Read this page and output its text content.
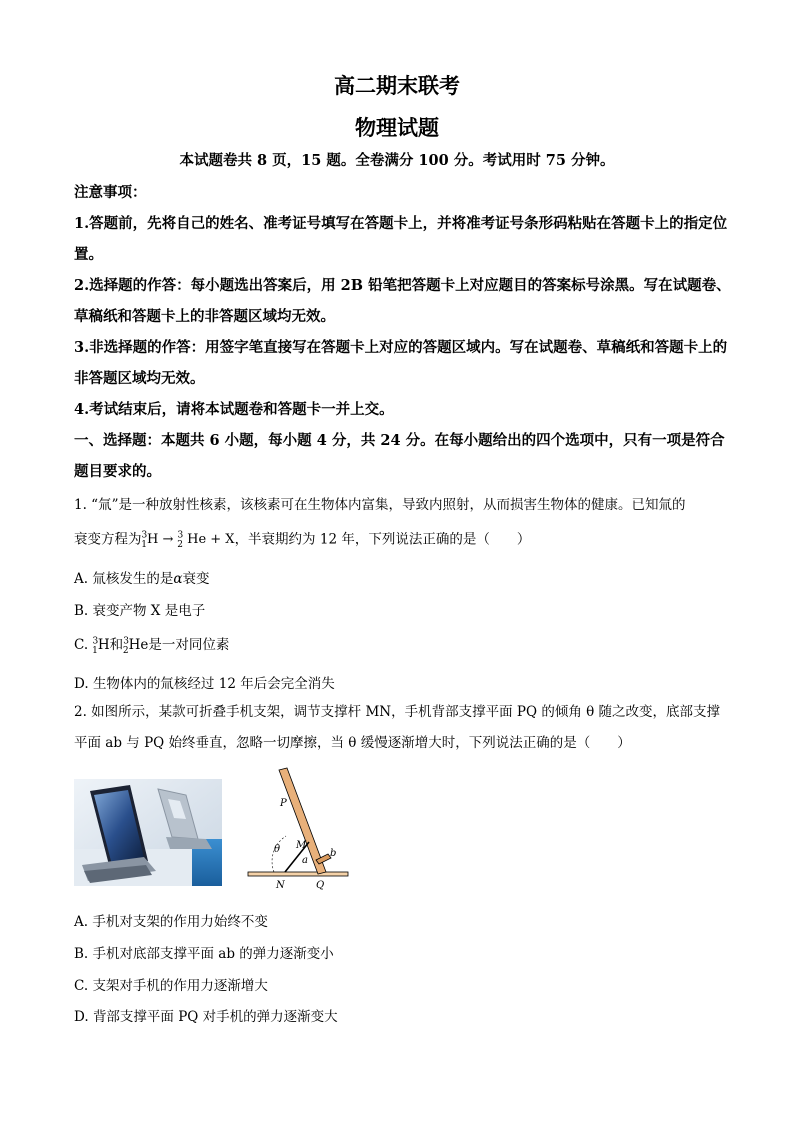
高二期末联考
物理试题
本试题卷共 8 页，15 题。全卷满分 100 分。考试用时 75 分钟。

注意事项：

1.答题前，先将自己的姓名、准考证号填写在答题卡上，并将准考证号条形码粘贴在答题卡上的指定位置。

2.选择题的作答：每小题选出答案后，用 2B 铅笔把答题卡上对应题目的答案标号涂黑。写在试题卷、草稿纸和答题卡上的非答题区域均无效。

3.非选择题的作答：用签字笔直接写在答题卡上对应的答题区域内。写在试题卷、草稿纸和答题卡上的非答题区域均无效。

4.考试结束后，请将本试题卷和答题卡一并上交。

一、选择题：本题共 6 小题，每小题 4 分，共 24 分。在每小题给出的四个选项中，只有一项是符合题目要求的。

1. “氚”是一种放射性核素，该核素可在生物体内富集，导致内照射，从而损害生物体的健康。已知氚的

衰变方程为$^3_1$H → $^3_2$ He + X，半衰期约为 12 年，下列说法正确的是（　　）

A. 氚核发生的是α衰变
B. 衰变产物 X 是电子
C. $^3_1$H和$^3_2$He是一对同位素
D. 生物体内的氚核经过 12 年后会完全消失

2. 如图所示，某款可折叠手机支架，调节支撑杆 MN，手机背部支撑平面 PQ 的倾角 θ 随之改变，底部支撑

平面 ab 与 PQ 始终垂直，忽略一切摩擦，当 θ 缓慢逐渐增大时，下列说法正确的是（　　）

P
M
θ
a
b
N	Q
A. 手机对支架的作用力始终不变
B. 手机对底部支撑平面 ab 的弹力逐渐变小
C. 支架对手机的作用力逐渐增大
D. 背部支撑平面 PQ 对手机的弹力逐渐变大
